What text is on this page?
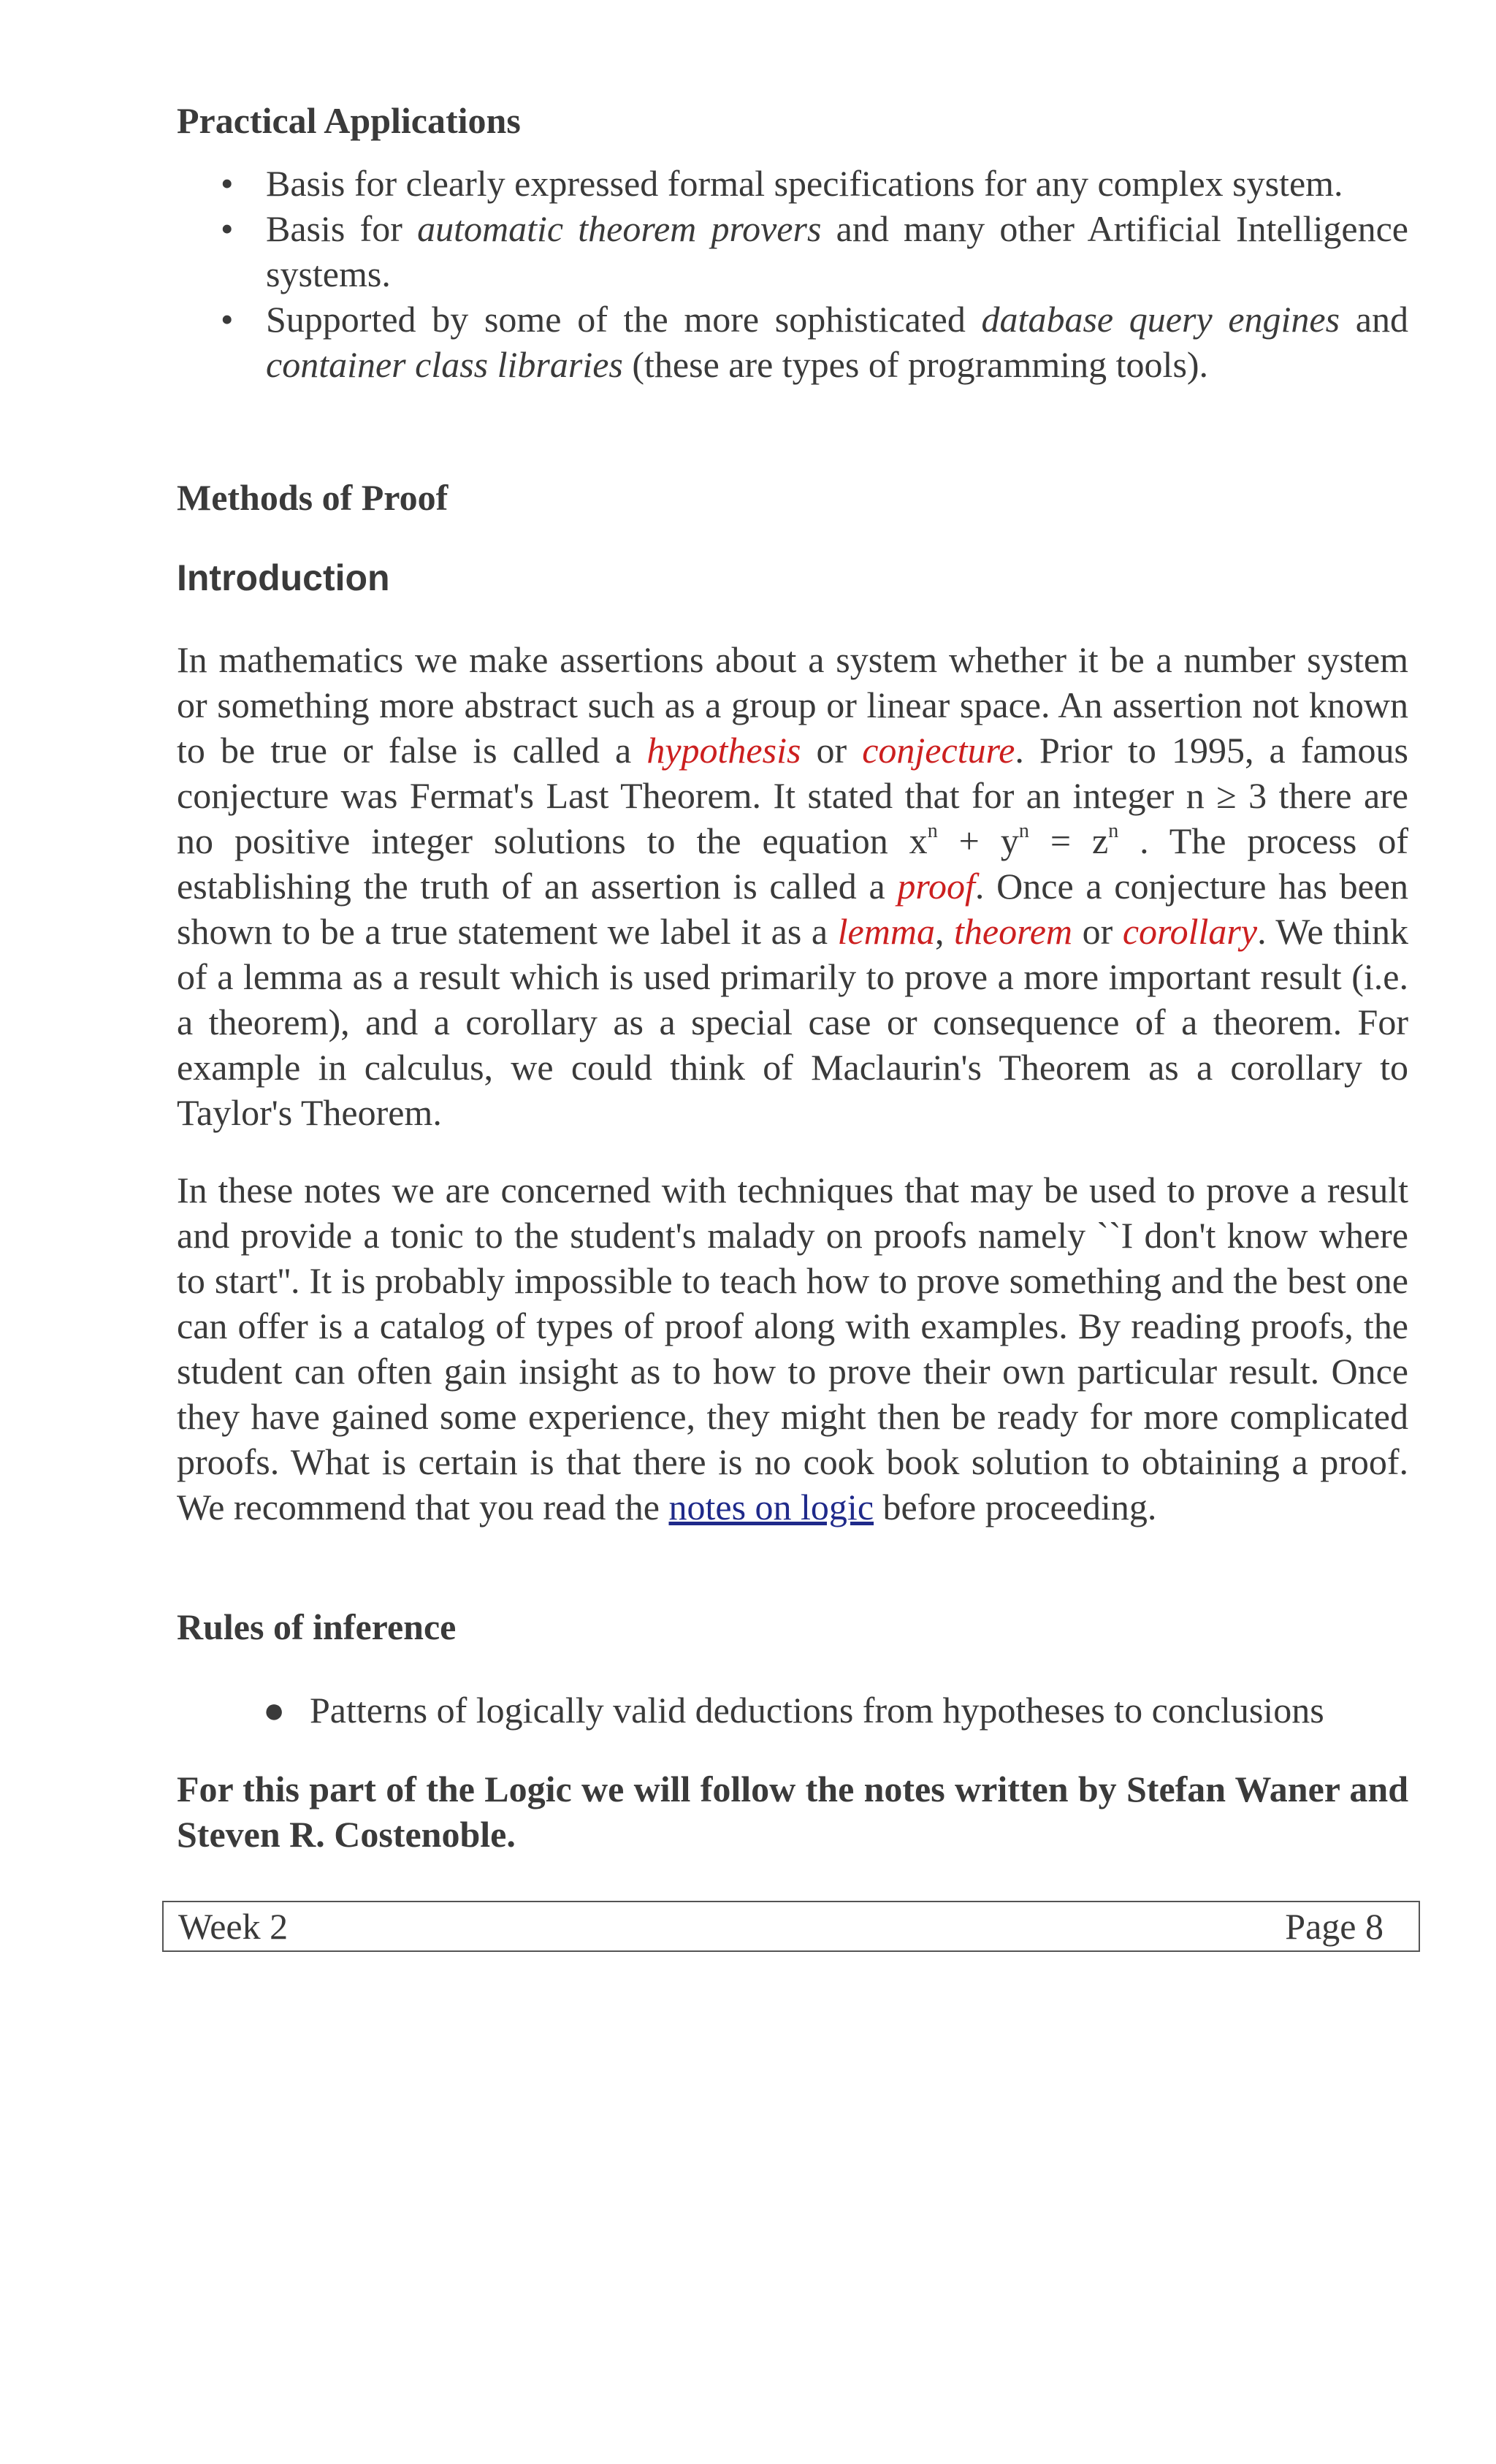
Practical Applications
• Basis for clearly expressed formal specifications for any complex system.
• Basis for automatic theorem provers and many other Artificial Intelligence systems.
• Supported by some of the more sophisticated database query engines and container class libraries (these are types of programming tools).
Methods of Proof
Introduction

In mathematics we make assertions about a system whether it be a number system or something more abstract such as a group or linear space. An assertion not known to be true or false is called a hypothesis or conjecture. Prior to 1995, a famous conjecture was Fermat's Last Theorem. It stated that for an integer n ≥ 3 there are no positive integer solutions to the equation $x^n + y^n = z^n$ . The process of establishing the truth of an assertion is called a proof. Once a conjecture has been shown to be a true statement we label it as a lemma, theorem or corollary. We think of a lemma as a result which is used primarily to prove a more important result (i.e. a theorem), and a corollary as a special case or consequence of a theorem. For example in calculus, we could think of Maclaurin's Theorem as a corollary to Taylor's Theorem.

In these notes we are concerned with techniques that may be used to prove a result and provide a tonic to the student's malady on proofs namely ``I don't know where to start''. It is probably impossible to teach how to prove something and the best one can offer is a catalog of types of proof along with examples. By reading proofs, the student can often gain insight as to how to prove their own particular result. Once they have gained some experience, they might then be ready for more complicated proofs. What is certain is that there is no cook book solution to obtaining a proof. We recommend that you read the notes on logic before proceeding.

Rules of inference
● Patterns of logically valid deductions from hypotheses to conclusions

For this part of the Logic we will follow the notes written by Stefan Waner and Steven R. Costenoble.

Week 2	Page 8
